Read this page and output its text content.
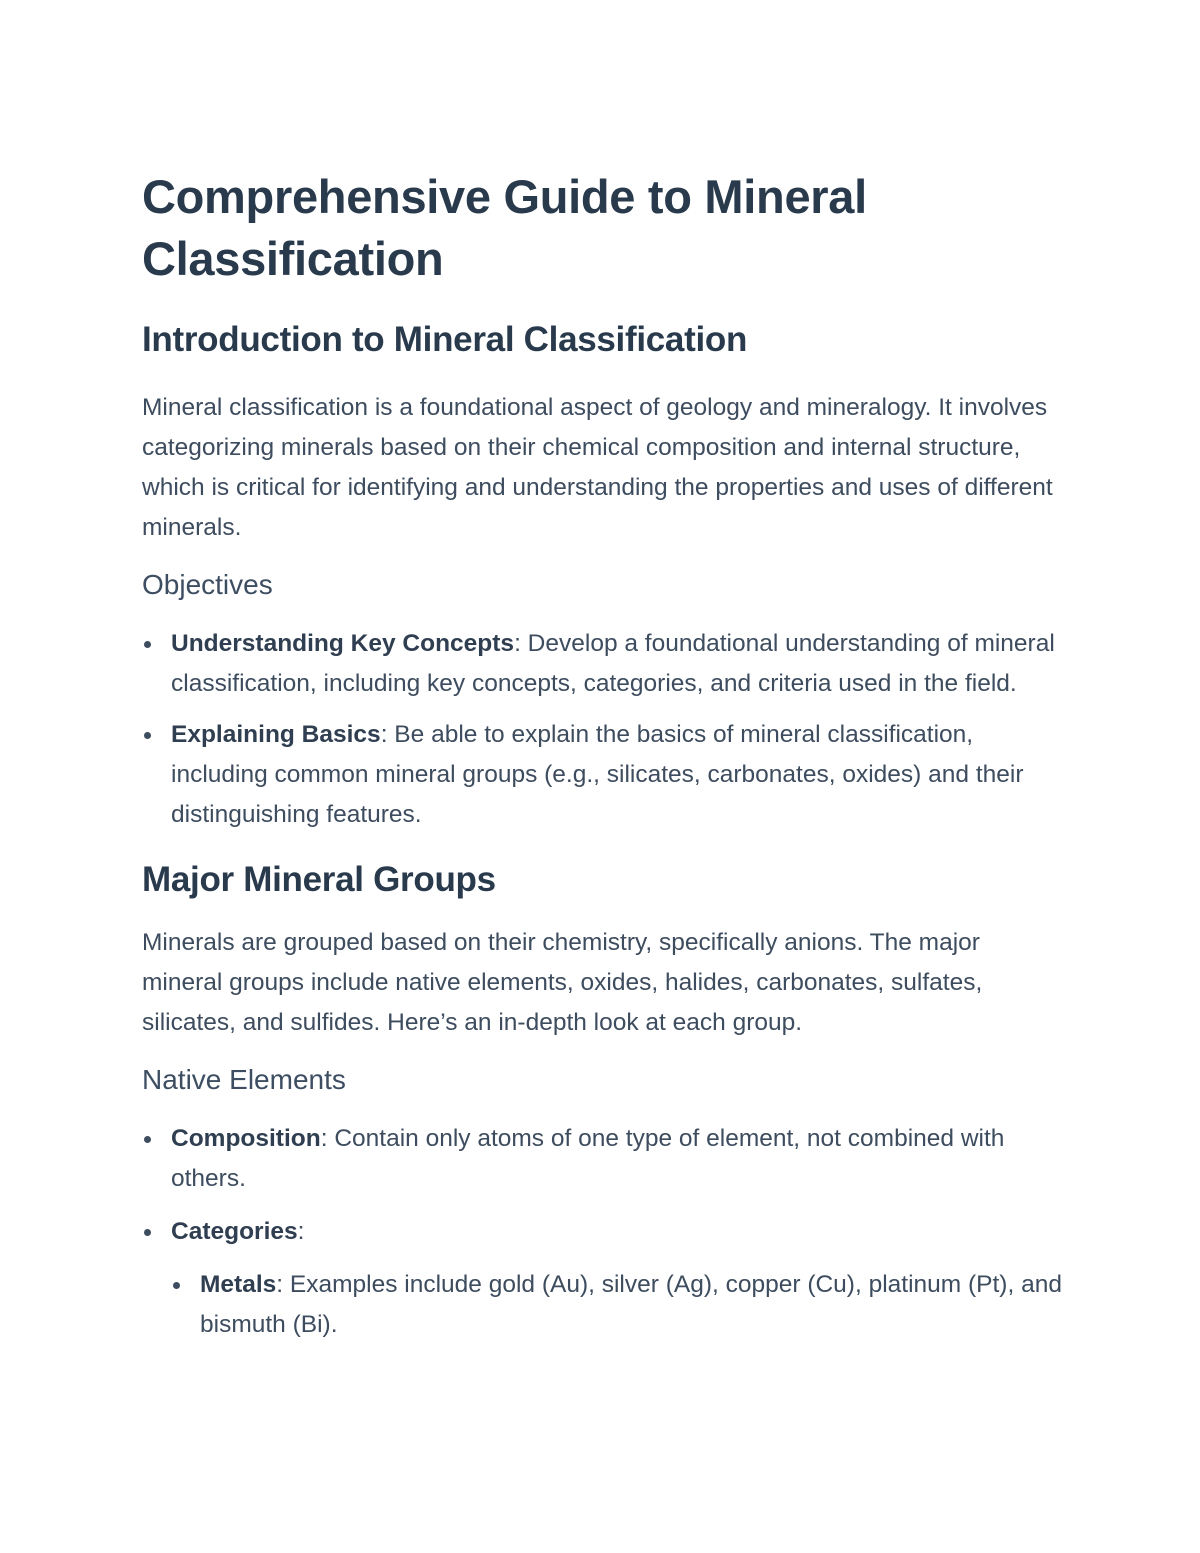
Comprehensive Guide to Mineral Classification
Introduction to Mineral Classification

Mineral classification is a foundational aspect of geology and mineralogy. It involves categorizing minerals based on their chemical composition and internal structure, which is critical for identifying and understanding the properties and uses of different minerals.

Objectives
Understanding Key Concepts: Develop a foundational understanding of mineral classification, including key concepts, categories, and criteria used in the field.
Explaining Basics: Be able to explain the basics of mineral classification, including common mineral groups (e.g., silicates, carbonates, oxides) and their distinguishing features.
Major Mineral Groups

Minerals are grouped based on their chemistry, specifically anions. The major mineral groups include native elements, oxides, halides, carbonates, sulfates, silicates, and sulfides. Here’s an in-depth look at each group.

Native Elements
Composition: Contain only atoms of one type of element, not combined with others.
Categories:
Metals: Examples include gold (Au), silver (Ag), copper (Cu), platinum (Pt), and bismuth (Bi).
